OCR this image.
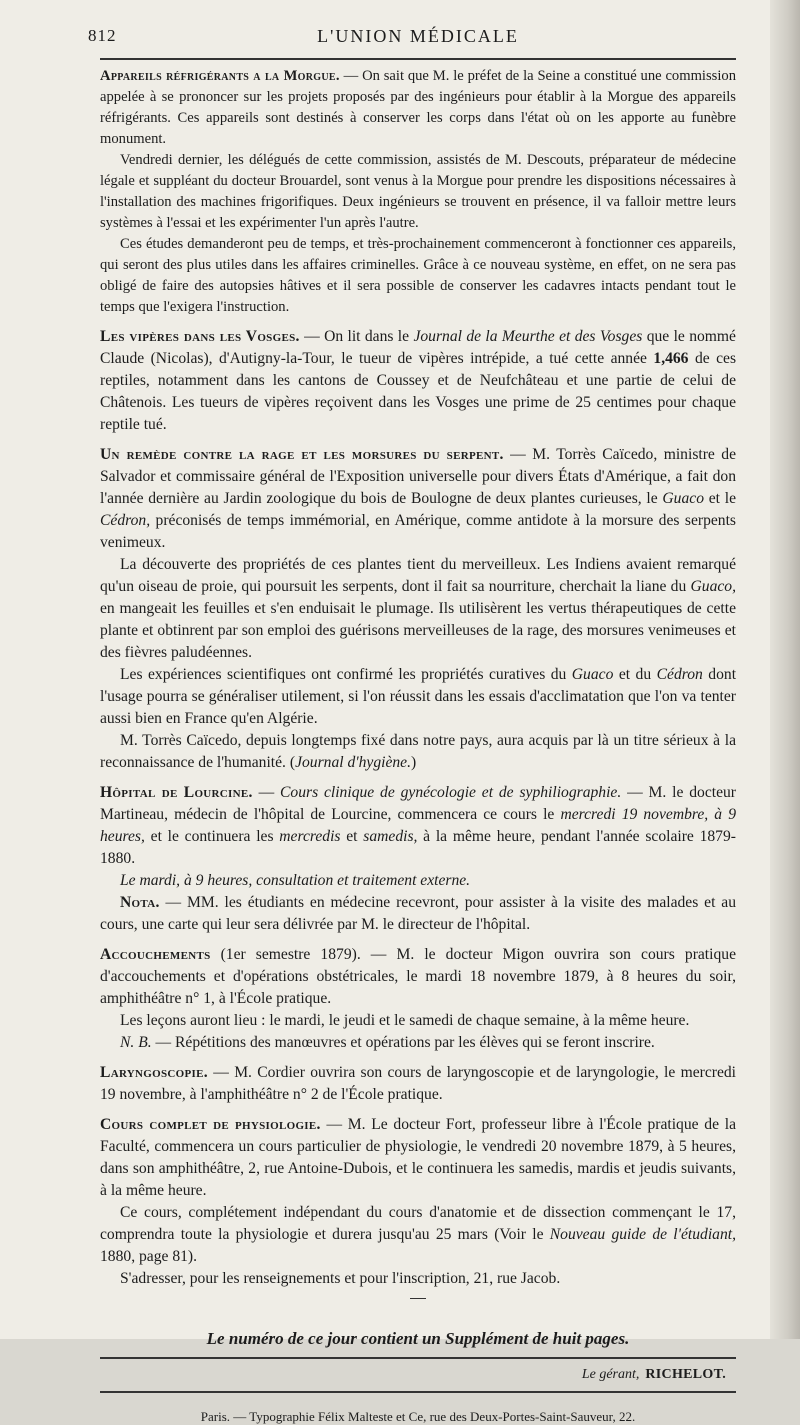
812	L'UNION MÉDICALE

Appareils réfrigérants a la Morgue. — On sait que M. le préfet de la Seine a constitué une commission appelée à se prononcer sur les projets proposés par des ingénieurs pour établir à la Morgue des appareils réfrigérants. Ces appareils sont destinés à conserver les corps dans l'état où on les apporte au funèbre monument.

Vendredi dernier, les délégués de cette commission, assistés de M. Descouts, préparateur de médecine légale et suppléant du docteur Brouardel, sont venus à la Morgue pour prendre les dispositions nécessaires à l'installation des machines frigorifiques. Deux ingénieurs se trouvent en présence, il va falloir mettre leurs systèmes à l'essai et les expérimenter l'un après l'autre.

Ces études demanderont peu de temps, et très-prochainement commenceront à fonctionner ces appareils, qui seront des plus utiles dans les affaires criminelles. Grâce à ce nouveau système, en effet, on ne sera pas obligé de faire des autopsies hâtives et il sera possible de conserver les cadavres intacts pendant tout le temps que l'exigera l'instruction.

Les vipères dans les Vosges. — On lit dans le Journal de la Meurthe et des Vosges que le nommé Claude (Nicolas), d'Autigny-la-Tour, le tueur de vipères intrépide, a tué cette année 1,466 de ces reptiles, notamment dans les cantons de Coussey et de Neufchâteau et une partie de celui de Châtenois. Les tueurs de vipères reçoivent dans les Vosges une prime de 25 centimes pour chaque reptile tué.

Un remède contre la rage et les morsures du serpent. — M. Torrès Caïcedo, ministre de Salvador et commissaire général de l'Exposition universelle pour divers États d'Amérique, a fait don l'année dernière au Jardin zoologique du bois de Boulogne de deux plantes curieuses, le Guaco et le Cédron, préconisés de temps immémorial, en Amérique, comme antidote à la morsure des serpents venimeux.

La découverte des propriétés de ces plantes tient du merveilleux. Les Indiens avaient remarqué qu'un oiseau de proie, qui poursuit les serpents, dont il fait sa nourriture, cherchait la liane du Guaco, en mangeait les feuilles et s'en enduisait le plumage. Ils utilisèrent les vertus thérapeutiques de cette plante et obtinrent par son emploi des guérisons merveilleuses de la rage, des morsures venimeuses et des fièvres paludéennes.

Les expériences scientifiques ont confirmé les propriétés curatives du Guaco et du Cédron dont l'usage pourra se généraliser utilement, si l'on réussit dans les essais d'acclimatation que l'on va tenter aussi bien en France qu'en Algérie.

M. Torrès Caïcedo, depuis longtemps fixé dans notre pays, aura acquis par là un titre sérieux à la reconnaissance de l'humanité. (Journal d'hygiène.)

Hôpital de Lourcine. — Cours clinique de gynécologie et de syphiliographie. — M. le docteur Martineau, médecin de l'hôpital de Lourcine, commencera ce cours le mercredi 19 novembre, à 9 heures, et le continuera les mercredis et samedis, à la même heure, pendant l'année scolaire 1879-1880.

Le mardi, à 9 heures, consultation et traitement externe.

Nota. — MM. les étudiants en médecine recevront, pour assister à la visite des malades et au cours, une carte qui leur sera délivrée par M. le directeur de l'hôpital.

Accouchements (1er semestre 1879). — M. le docteur Migon ouvrira son cours pratique d'accouchements et d'opérations obstétricales, le mardi 18 novembre 1879, à 8 heures du soir, amphithéâtre n° 1, à l'École pratique.

Les leçons auront lieu : le mardi, le jeudi et le samedi de chaque semaine, à la même heure.

N. B. — Répétitions des manœuvres et opérations par les élèves qui se feront inscrire.

Laryngoscopie. — M. Cordier ouvrira son cours de laryngoscopie et de laryngologie, le mercredi 19 novembre, à l'amphithéâtre n° 2 de l'École pratique.

Cours complet de physiologie. — M. Le docteur Fort, professeur libre à l'École pratique de la Faculté, commencera un cours particulier de physiologie, le vendredi 20 novembre 1879, à 5 heures, dans son amphithéâtre, 2, rue Antoine-Dubois, et le continuera les samedis, mardis et jeudis suivants, à la même heure.

Ce cours, complétement indépendant du cours d'anatomie et de dissection commençant le 17, comprendra toute la physiologie et durera jusqu'au 25 mars (Voir le Nouveau guide de l'étudiant, 1880, page 81).

S'adresser, pour les renseignements et pour l'inscription, 21, rue Jacob.

Le numéro de ce jour contient un Supplément de huit pages.
Le gérant, RICHELOT.
Paris. — Typographie Félix Malteste et Ce, rue des Deux-Portes-Saint-Sauveur, 22.
